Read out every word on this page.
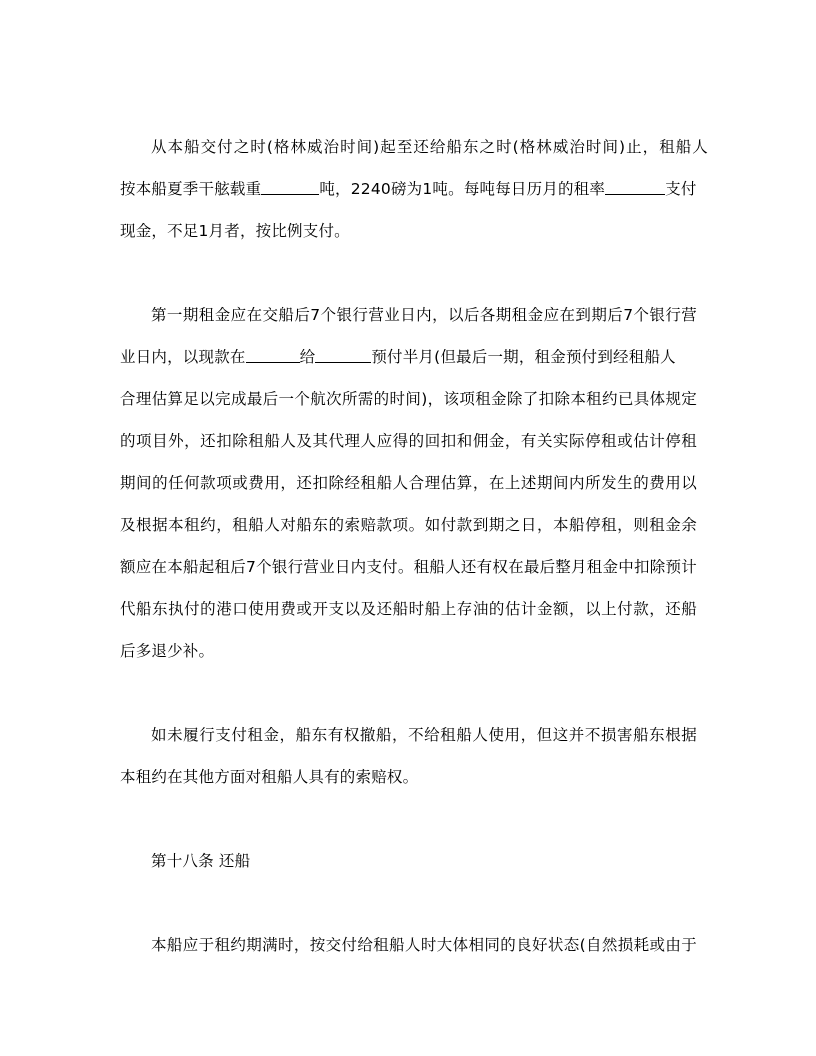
从本船交付之时(格林威治时间)起至还给船东之时(格林威治时间)止，租船人
按本船夏季干舷载重	吨，2240磅为1吨。每吨每日历月的租率	支付
现金，不足1月者，按比例支付。
第一期租金应在交船后7个银行营业日内，以后各期租金应在到期后7个银行营
业日内，以现款在	给	预付半月(但最后一期，租金预付到经租船人
合理估算足以完成最后一个航次所需的时间)，该项租金除了扣除本租约已具体规定
的项目外，还扣除租船人及其代理人应得的回扣和佣金，有关实际停租或估计停租
期间的任何款项或费用，还扣除经租船人合理估算，在上述期间内所发生的费用以
及根据本租约，租船人对船东的索赔款项。如付款到期之日，本船停租，则租金余
额应在本船起租后7个银行营业日内支付。租船人还有权在最后整月租金中扣除预计
代船东执付的港口使用费或开支以及还船时船上存油的估计金额，以上付款，还船
后多退少补。
如未履行支付租金，船东有权撤船，不给租船人使用，但这并不损害船东根据
本租约在其他方面对租船人具有的索赔权。
第十八条 还船
本船应于租约期满时，按交付给租船人时大体相同的良好状态(自然损耗或由于
